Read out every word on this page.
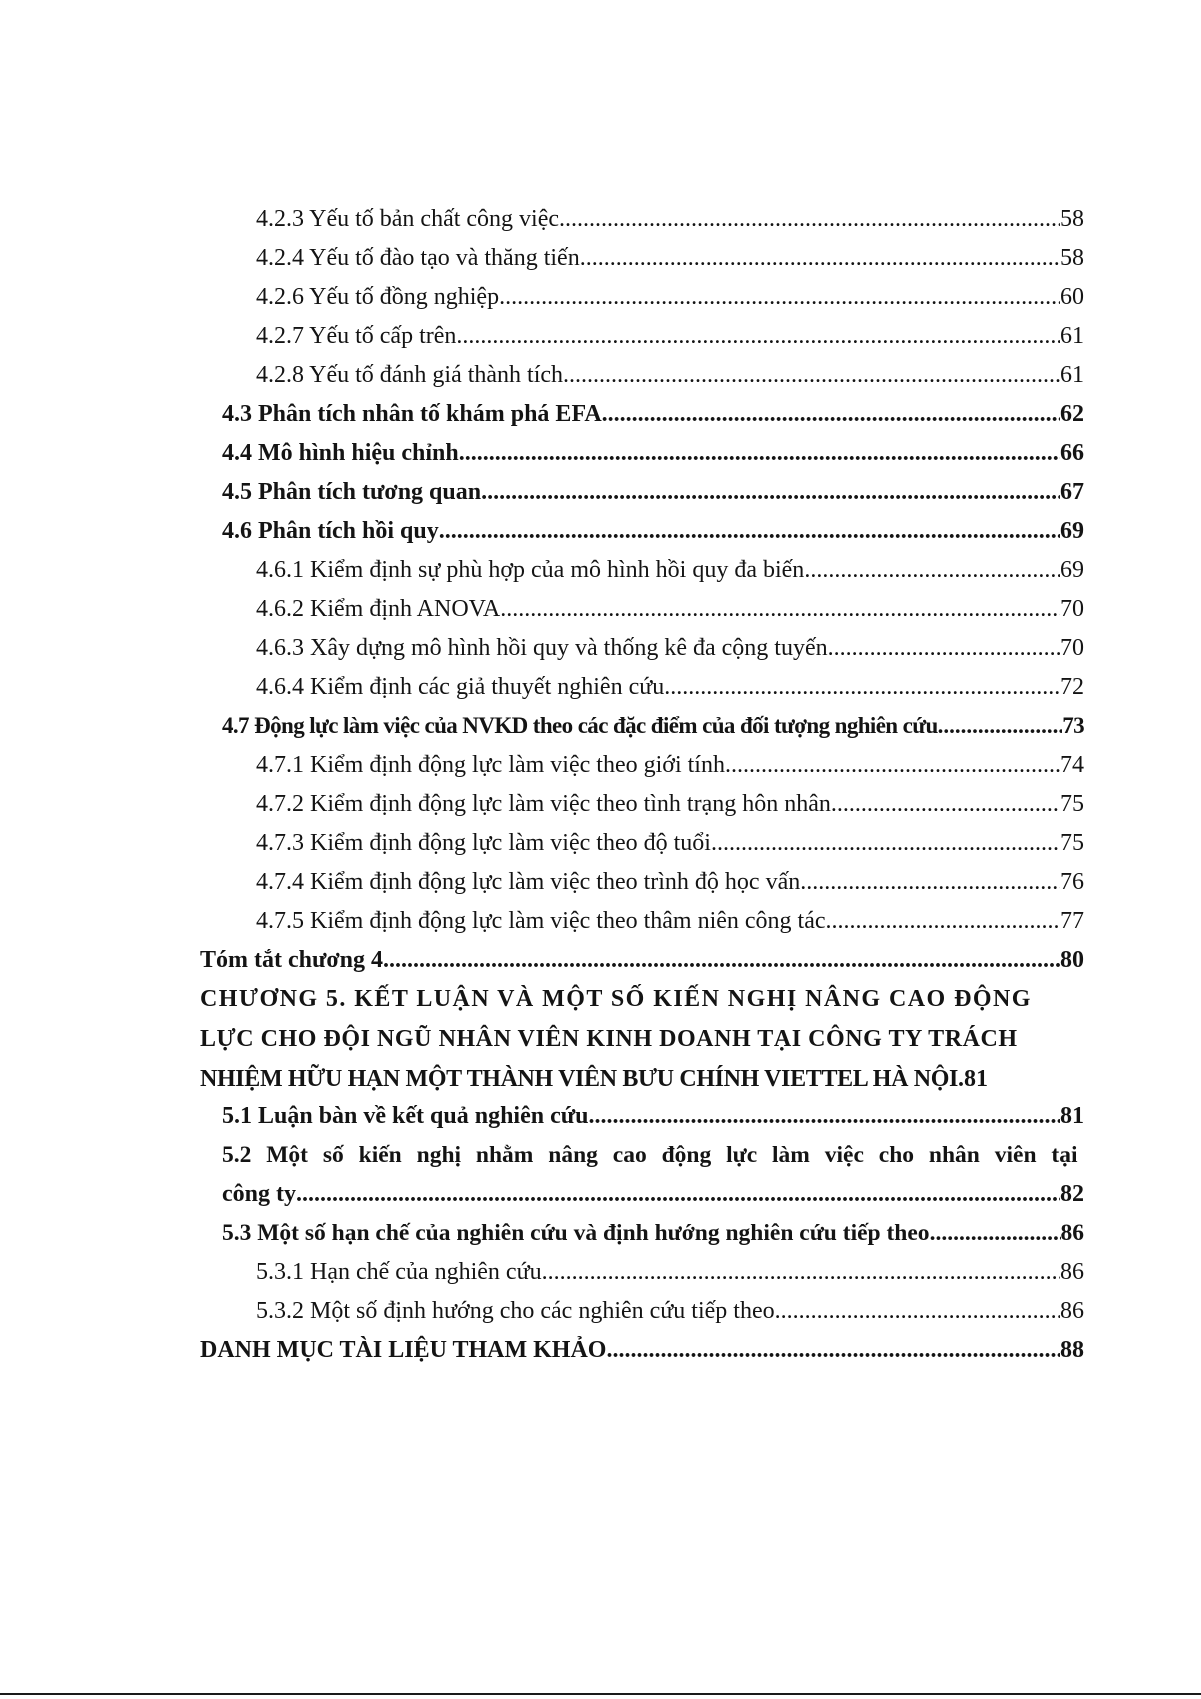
4.2.3 Yếu tố bản chất công việc .....	58
4.2.4 Yếu tố đào tạo và thăng tiến .....	58
4.2.6 Yếu tố đồng nghiệp .....	60
4.2.7 Yếu tố cấp trên .....	61
4.2.8 Yếu tố đánh giá thành tích .....	61
4.3 Phân tích nhân tố khám phá EFA .....	62
4.4 Mô hình hiệu chỉnh .....	66
4.5 Phân tích tương quan .....	67
4.6 Phân tích hồi quy .....	69
4.6.1 Kiểm định sự phù hợp của mô hình hồi quy đa biến .....	69
4.6.2 Kiểm định ANOVA .....	70
4.6.3 Xây dựng mô hình hồi quy và thống kê đa cộng tuyến .....	70
4.6.4 Kiểm định các giả thuyết nghiên cứu .....	72
4.7 Động lực làm việc của NVKD theo các đặc điểm của đối tượng nghiên cứu .....	73
4.7.1 Kiểm định động lực làm việc theo giới tính .....	74
4.7.2 Kiểm định động lực làm việc theo tình trạng hôn nhân .....	75
4.7.3 Kiểm định động lực làm việc theo độ tuổi .....	75
4.7.4 Kiểm định động lực làm việc theo trình độ học vấn .....	76
4.7.5 Kiểm định động lực làm việc theo thâm niên công tác .....	77
Tóm tắt chương 4 .....	80
CHƯƠNG 5. KẾT LUẬN VÀ MỘT SỐ KIẾN NGHỊ NÂNG CAO ĐỘNG
LỰC CHO ĐỘI NGŨ NHÂN VIÊN KINH DOANH TẠI CÔNG TY TRÁCH
NHIỆM HỮU HẠN MỘT THÀNH VIÊN BƯU CHÍNH VIETTEL HÀ NỘI . 81
5.1 Luận bàn về kết quả nghiên cứu .....	81
5.2 Một số kiến nghị nhằm nâng cao động lực làm việc cho nhân viên tại
công ty .....	82
5.3 Một số hạn chế của nghiên cứu và định hướng nghiên cứu tiếp theo .....	86
5.3.1 Hạn chế của nghiên cứu .....	86
5.3.2 Một số định hướng cho các nghiên cứu tiếp theo .....	86
DANH MỤC TÀI LIỆU THAM KHẢO .....	88
